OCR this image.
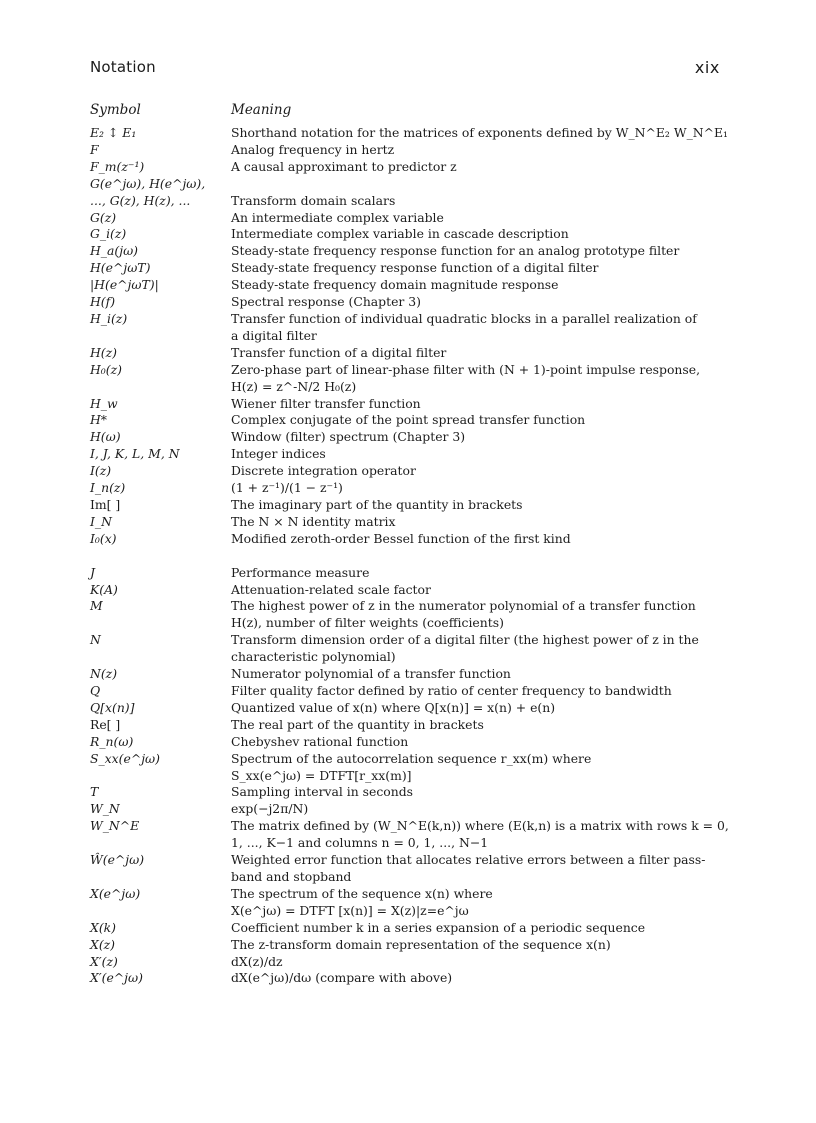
Notation	xix
Symbol	Meaning
E₂ ↕ E₁	Shorthand notation for the matrices of exponents defined by W_N^E₂ W_N^E₁
F	Analog frequency in hertz
F_m(z⁻¹)	A causal approximant to predictor z
G(e^jω), H(e^jω),

..., G(z), H(z), ...	Transform domain scalars
G(z)	An intermediate complex variable
G_i(z)	Intermediate complex variable in cascade description
H_a(jω)	Steady-state frequency response function for an analog prototype filter
H(e^jωT)	Steady-state frequency response function of a digital filter
|H(e^jωT)|	Steady-state frequency domain magnitude response
H(f)	Spectral response (Chapter 3)
H_i(z)	Transfer function of individual quadratic blocks in a parallel realization of
a digital filter
H(z)	Transfer function of a digital filter
H₀(z)	Zero-phase part of linear-phase filter with (N + 1)-point impulse response,
H(z) = z^-N/2 H₀(z)
H_w	Wiener filter transfer function
H*	Complex conjugate of the point spread transfer function
H(ω)	Window (filter) spectrum (Chapter 3)
I, J, K, L, M, N	Integer indices
I(z)	Discrete integration operator
I_n(z)	(1 + z⁻¹)/(1 − z⁻¹)
Im[ ]	The imaginary part of the quantity in brackets
I_N	The N × N identity matrix
I₀(x)	Modified zeroth-order Bessel function of the first kind
J	Performance measure
K(A)	Attenuation-related scale factor
M	The highest power of z in the numerator polynomial of a transfer function
H(z), number of filter weights (coefficients)
N	Transform dimension order of a digital filter (the highest power of z in the
characteristic polynomial)
N(z)	Numerator polynomial of a transfer function
Q	Filter quality factor defined by ratio of center frequency to bandwidth
Q[x(n)]	Quantized value of x(n) where Q[x(n)] = x(n) + e(n)
Re[ ]	The real part of the quantity in brackets
R_n(ω)	Chebyshev rational function
S_xx(e^jω)	Spectrum of the autocorrelation sequence r_xx(m) where
S_xx(e^jω) = DTFT[r_xx(m)]
T	Sampling interval in seconds
W_N	exp(−j2π/N)
W_N^E	The matrix defined by (W_N^E(k,n)) where (E(k,n) is a matrix with rows k = 0,
1, ..., K−1 and columns n = 0, 1, ..., N−1
Ŵ(e^jω)	Weighted error function that allocates relative errors between a filter pass-
band and stopband
X(e^jω)	The spectrum of the sequence x(n) where
X(e^jω) = DTFT [x(n)] = X(z)|z=e^jω
X(k)	Coefficient number k in a series expansion of a periodic sequence
X(z)	The z-transform domain representation of the sequence x(n)
X′(z)	dX(z)/dz
X′(e^jω)	dX(e^jω)/dω (compare with above)
